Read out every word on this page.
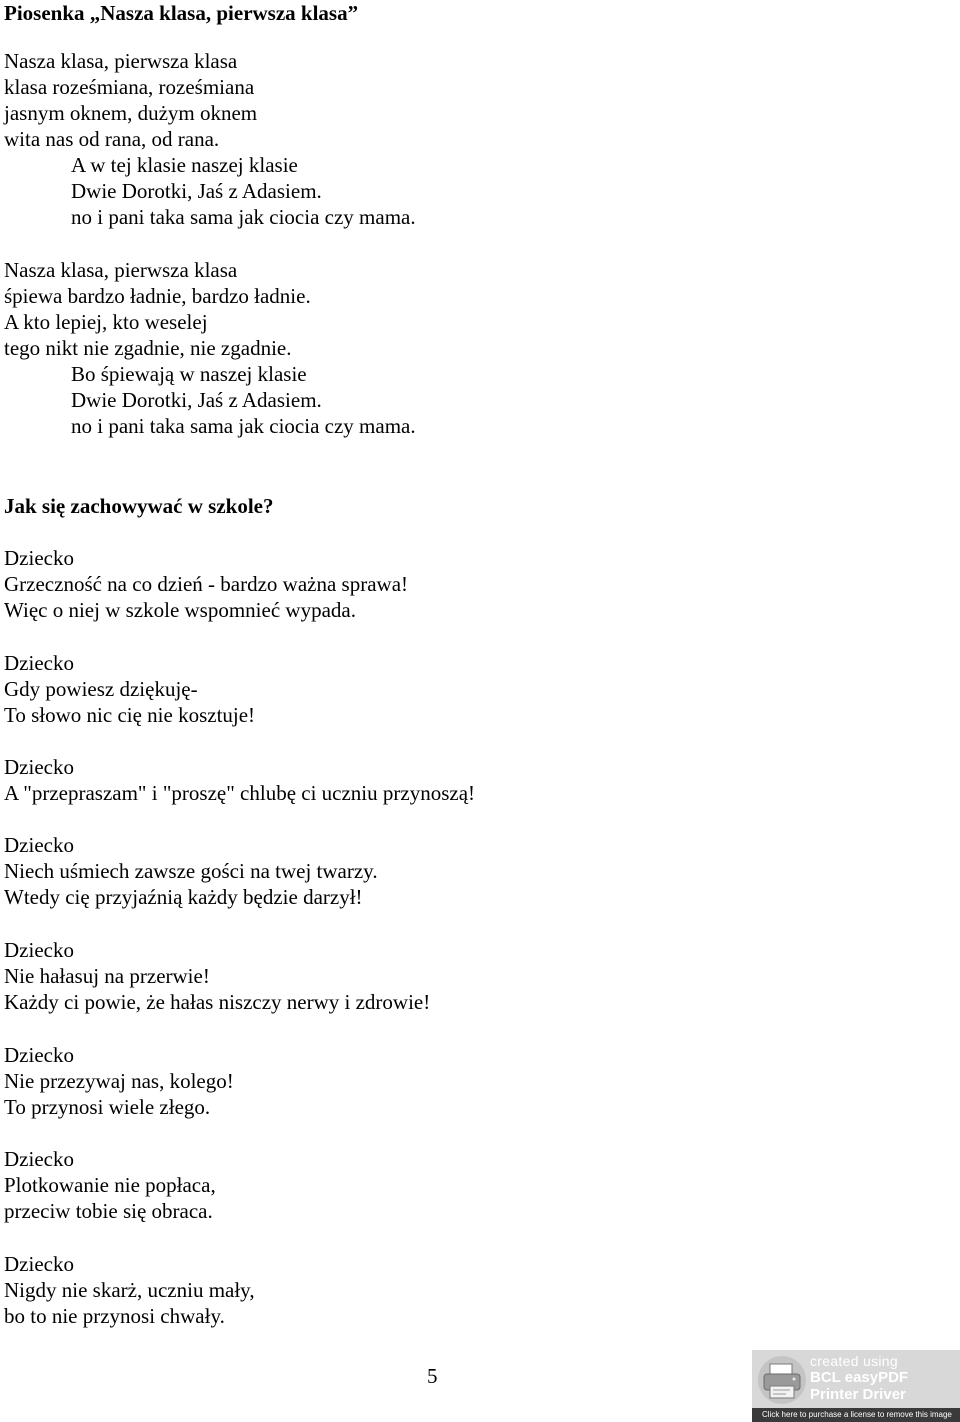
Piosenka „Nasza klasa, pierwsza klasa”
Nasza klasa, pierwsza klasa
klasa roześmiana, roześmiana
jasnym oknem, dużym oknem
wita nas od rana, od rana.
A w tej klasie naszej klasie
Dwie Dorotki, Jaś z Adasiem.
no i pani taka sama jak ciocia czy mama.
Nasza klasa, pierwsza klasa
śpiewa bardzo ładnie, bardzo ładnie.
A kto lepiej, kto weselej
tego nikt nie zgadnie, nie zgadnie.
Bo śpiewają w naszej klasie
Dwie Dorotki, Jaś z Adasiem.
no i pani taka sama jak ciocia czy mama.
Jak się zachowywać w szkole?
Dziecko
Grzeczność na co dzień - bardzo ważna sprawa!
Więc o niej w szkole wspomnieć wypada.
Dziecko
Gdy powiesz dziękuję-
To słowo nic cię nie kosztuje!
Dziecko
A "przepraszam" i "proszę" chlubę ci uczniu przynoszą!
Dziecko
Niech uśmiech zawsze gości na twej twarzy.
Wtedy cię przyjaźnią każdy będzie darzył!
Dziecko
Nie hałasuj na przerwie!
Każdy ci powie, że hałas niszczy nerwy i zdrowie!
Dziecko
Nie przezywaj nas, kolego!
To przynosi wiele złego.
Dziecko
Plotkowanie nie popłaca,
przeciw tobie się obraca.
Dziecko
Nigdy nie skarż, uczniu mały,
bo to nie przynosi chwały.
5
created using
BCL easyPDF
Printer Driver
Click here to purchase a license to remove this image
